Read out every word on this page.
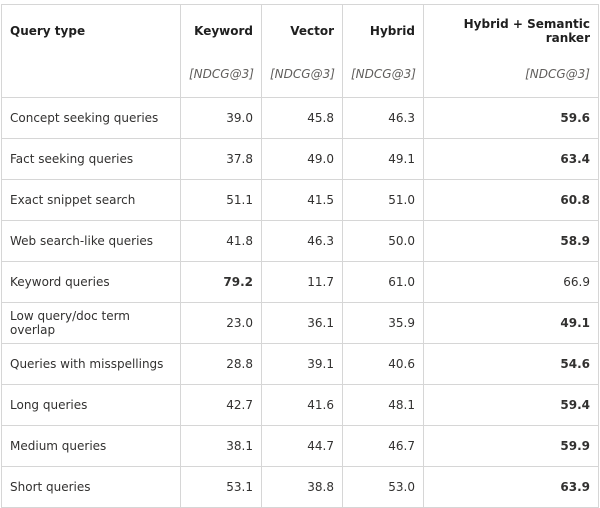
Query type	Keyword	Vector	Hybrid	Hybrid + Semantic ranker
	[NDCG@3]	[NDCG@3]	[NDCG@3]	[NDCG@3]
Concept seeking queries	39.0	45.8	46.3	59.6
Fact seeking queries	37.8	49.0	49.1	63.4
Exact snippet search	51.1	41.5	51.0	60.8
Web search-like queries	41.8	46.3	50.0	58.9
Keyword queries	79.2	11.7	61.0	66.9
Low query/doc term overlap	23.0	36.1	35.9	49.1
Queries with misspellings	28.8	39.1	40.6	54.6
Long queries	42.7	41.6	48.1	59.4
Medium queries	38.1	44.7	46.7	59.9
Short queries	53.1	38.8	53.0	63.9
